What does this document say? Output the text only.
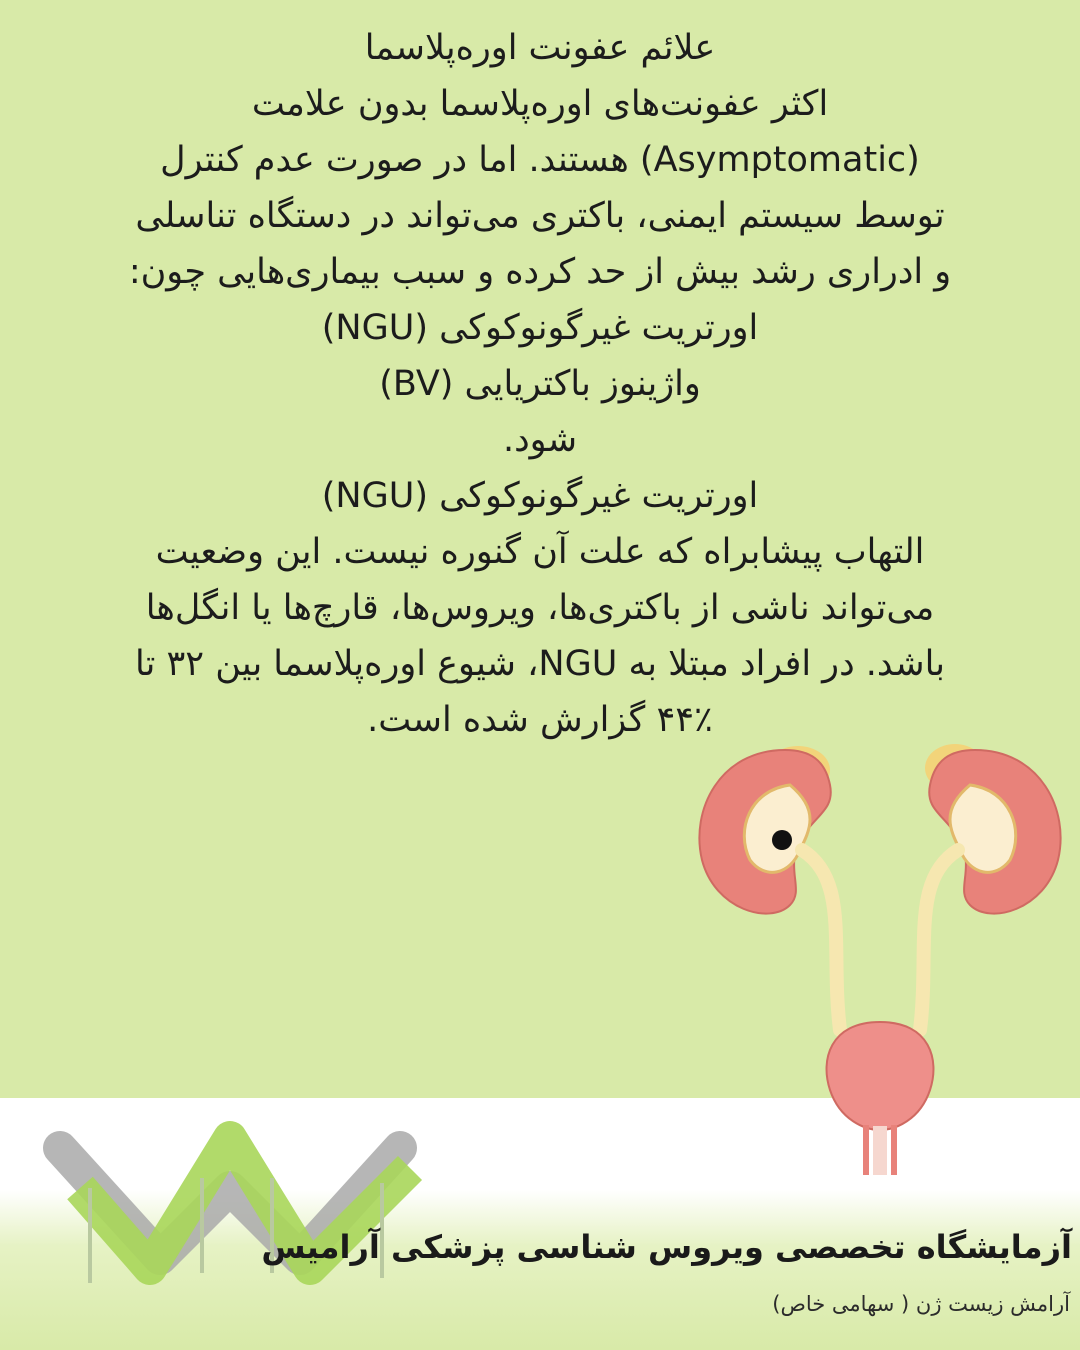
علائم عفونت اوره‌پلاسما
اکثر عفونت‌های اوره‌پلاسما بدون علامت
(Asymptomatic) هستند. اما در صورت عدم کنترل
توسط سیستم ایمنی، باکتری می‌تواند در دستگاه تناسلی
و ادراری رشد بیش از حد کرده و سبب بیماری‌هایی چون:
اورتریت غیرگونوکوکی (NGU)
واژینوز باکتریایی (BV)
شود.
اورتریت غیرگونوکوکی (NGU)
التهاب پیشابراه که علت آن گنوره نیست. این وضعیت
می‌تواند ناشی از باکتری‌ها، ویروس‌ها، قارچ‌ها یا انگل‌ها
باشد. در افراد مبتلا به NGU، شیوع اوره‌پلاسما بین ۳۲ تا
۴۴٪ گزارش شده است.
آزمایشگاه تخصصی ویروس شناسی پزشکی آرامیس
آرامش زیست ژن ( سهامی خاص)
